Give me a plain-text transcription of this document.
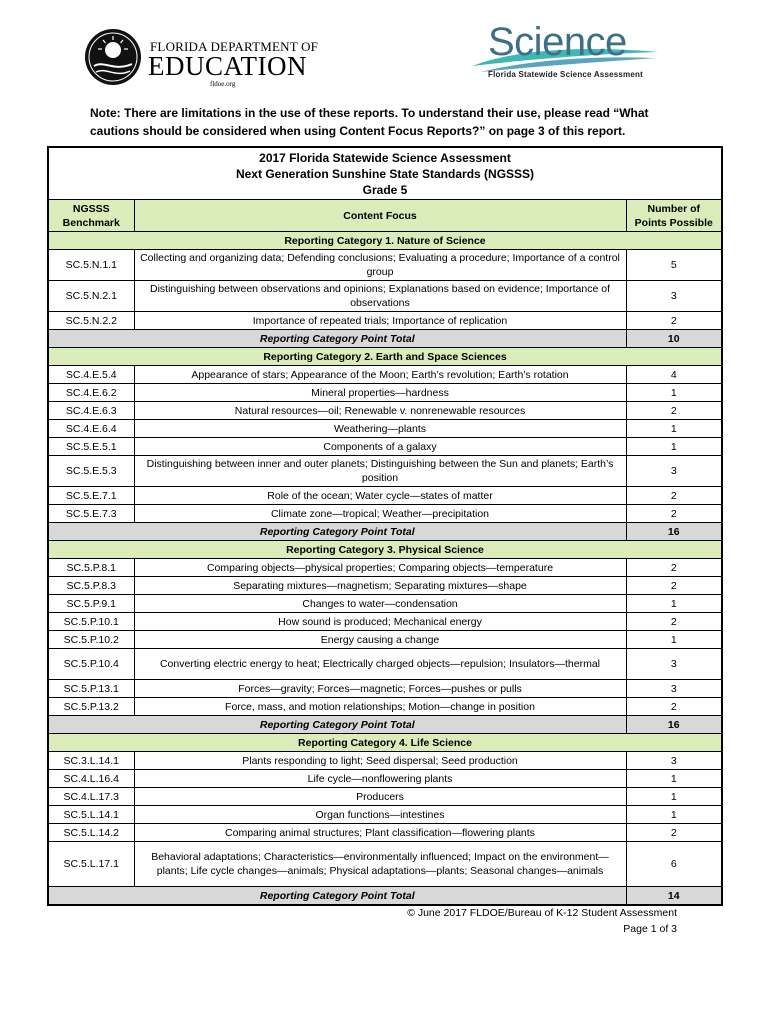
FLORIDA DEPARTMENT OF
EDUCATION
fldoe.org
Science
Florida Statewide Science Assessment
Note: There are limitations in the use of these reports. To understand their use, please read “What cautions should be considered when using Content Focus Reports?” on page 3 of this report.
2017 Florida Statewide Science Assessment
Next Generation Sunshine State Standards (NGSSS)
Grade 5		

NGSSS Benchmark	Content Focus	Number of Points Possible
Reporting Category 1. Nature of Science		
SC.5.N.1.1	Collecting and organizing data; Defending conclusions; Evaluating a procedure; Importance of a control group	5
SC.5.N.2.1	Distinguishing between observations and opinions; Explanations based on evidence; Importance of observations	3
SC.5.N.2.2	Importance of repeated trials; Importance of replication	2
Reporting Category Point Total		10
Reporting Category 2. Earth and Space Sciences		
SC.4.E.5.4	Appearance of stars; Appearance of the Moon; Earth’s revolution; Earth’s rotation	4
SC.4.E.6.2	Mineral properties—hardness	1
SC.4.E.6.3	Natural resources—oil; Renewable v. nonrenewable resources	2
SC.4.E.6.4	Weathering—plants	1
SC.5.E.5.1	Components of a galaxy	1
SC.5.E.5.3	Distinguishing between inner and outer planets; Distinguishing between the Sun and planets; Earth’s position	3
SC.5.E.7.1	Role of the ocean; Water cycle—states of matter	2
SC.5.E.7.3	Climate zone—tropical; Weather—precipitation	2
Reporting Category Point Total		16
Reporting Category 3. Physical Science		
SC.5.P.8.1	Comparing objects—physical properties; Comparing objects—temperature	2
SC.5.P.8.3	Separating mixtures—magnetism; Separating mixtures—shape	2
SC.5.P.9.1	Changes to water—condensation	1
SC.5.P.10.1	How sound is produced; Mechanical energy	2
SC.5.P.10.2	Energy causing a change	1
SC.5.P.10.4	Converting electric energy to heat; Electrically charged objects—repulsion; Insulators—thermal	3
SC.5.P.13.1	Forces—gravity; Forces—magnetic; Forces—pushes or pulls	3
SC.5.P.13.2	Force, mass, and motion relationships; Motion—change in position	2
Reporting Category Point Total		16
Reporting Category 4. Life Science		
SC.3.L.14.1	Plants responding to light; Seed dispersal; Seed production	3
SC.4.L.16.4	Life cycle—nonflowering plants	1
SC.4.L.17.3	Producers	1
SC.5.L.14.1	Organ functions—intestines	1
SC.5.L.14.2	Comparing animal structures; Plant classification—flowering plants	2
SC.5.L.17.1	Behavioral adaptations; Characteristics—environmentally influenced; Impact on the environment—plants; Life cycle changes—animals; Physical adaptations—plants; Seasonal changes—animals	6
Reporting Category Point Total		14
© June 2017 FLDOE/Bureau of K-12 Student Assessment
Page 1 of 3
